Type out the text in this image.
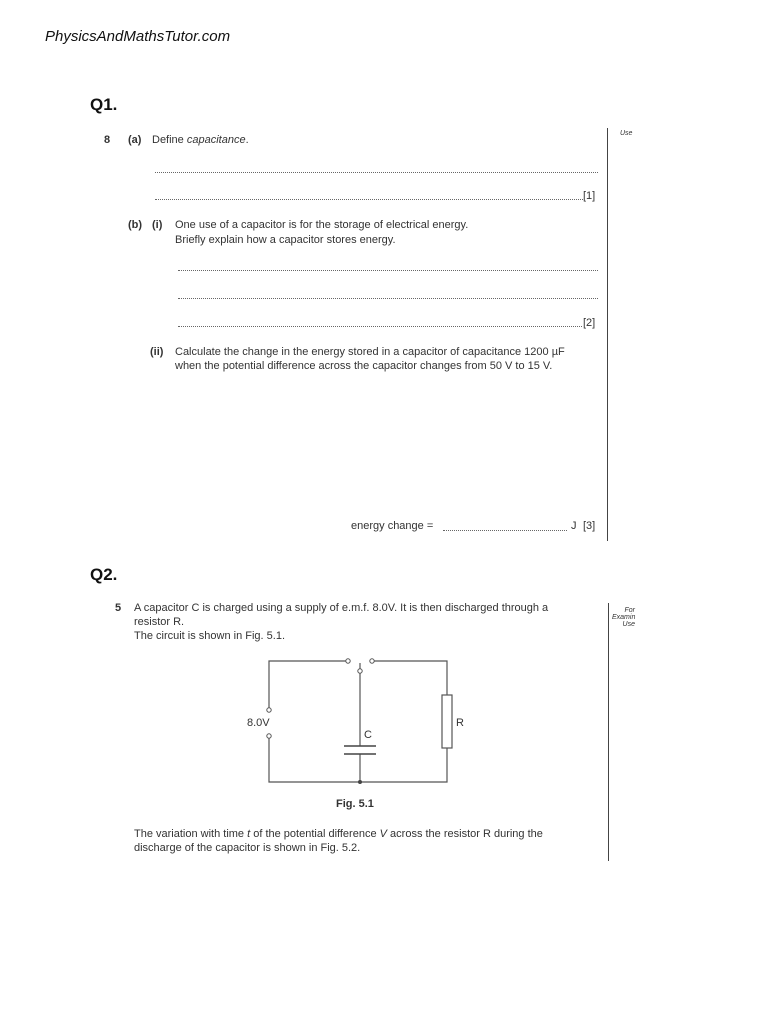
PhysicsAndMathsTutor.com
Q1.
8 (a) Define capacitance.
[1]
(b) (i) One use of a capacitor is for the storage of electrical energy.
Briefly explain how a capacitor stores energy.
[2]
(ii) Calculate the change in the energy stored in a capacitor of capacitance 1200 µF
when the potential difference across the capacitor changes from 50 V to 15 V.
energy change =	J [3]
Use
Q2.
5 A capacitor C is charged using a supply of e.m.f. 8.0V. It is then discharged through a
resistor R.
The circuit is shown in Fig. 5.1.
For
Examin
Use
8.0V
C
R
Fig. 5.1
The variation with time t of the potential difference V across the resistor R during the
discharge of the capacitor is shown in Fig. 5.2.
